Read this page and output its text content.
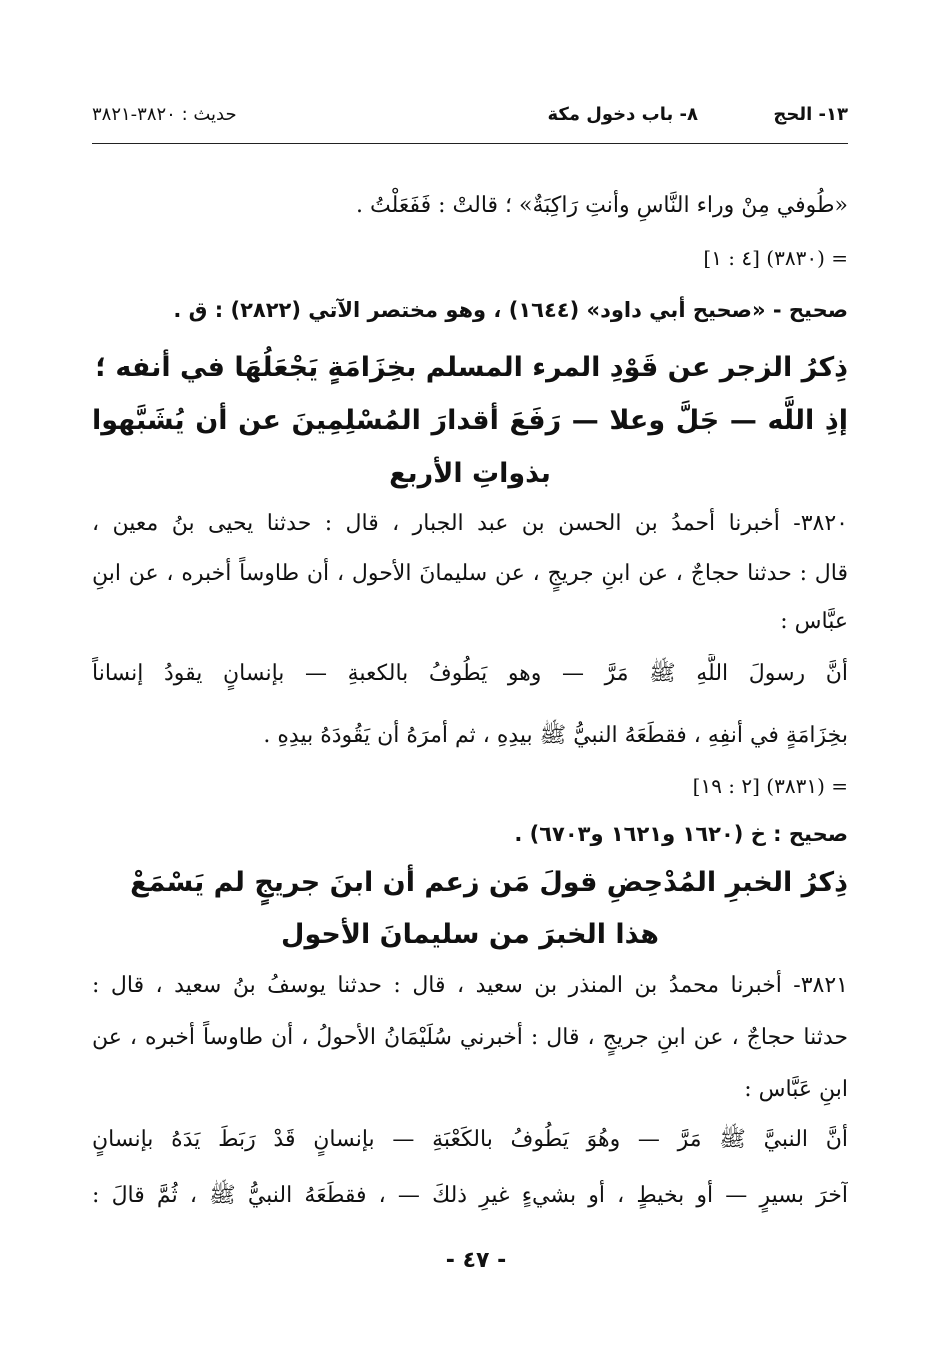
١٣- الحج
٨- باب دخول مكة
حديث : ٣٨٢٠-٣٨٢١
«طُوفي مِنْ وراء النَّاسِ وأنتِ رَاكِبَةٌ» ؛ قالتْ : فَفَعَلْتُ .
= (٣٨٣٠) [٤ : ١]
صحيح - «صحيح أبي داود» (١٦٤٤) ، وهو مختصر الآتي (٢٨٢٢) : ق .
ذِكرُ الزجر عن قَوْدِ المرء المسلم بخِزَامَةٍ يَجْعَلُهَا في أنفه ؛
إذِ اللَّه — جَلَّ وعلا — رَفَعَ أقدارَ المُسْلِمِينَ عن أن يُشَبَّهوا
بذواتِ الأربع
٣٨٢٠- أخبرنا أحمدُ بن الحسن بن عبد الجبار ، قال : حدثنا يحيى بنُ معين ،
قال : حدثنا حجاجٌ ، عن ابنِ جريجٍ ، عن سليمانَ الأحول ، أن طاوساً أخبره ، عن ابنِ
عبَّاس :
أنَّ رسولَ اللَّهِ ﷺ مَرَّ — وهو يَطُوفُ بالكعبةِ — بإنسانٍ يقودُ إنساناً
بخِزَامَةٍ في أنفِهِ ، فقطَعَهُ النبيُّ ﷺ بيدِهِ ، ثم أمرَهُ أن يَقُودَهُ بيدِهِ .
= (٣٨٣١) [٢ : ١٩]
صحيح : خ (١٦٢٠ و١٦٢١ و٦٧٠٣) .
ذِكرُ الخبرِ المُدْحِضِ قولَ مَن زعم أن ابنَ جريجٍ لم يَسْمَعْ
هذا الخبرَ من سليمانَ الأحول
٣٨٢١- أخبرنا محمدُ بن المنذر بن سعيد ، قال : حدثنا يوسفُ بنُ سعيد ، قال :
حدثنا حجاجٌ ، عن ابنِ جريجٍ ، قال : أخبرني سُلَيْمَانُ الأحولُ ، أن طاوساً أخبره ، عن
ابنِ عَبَّاس :
أنَّ النبيَّ ﷺ مَرَّ — وهُوَ يَطُوفُ بالكَعْبَةِ — بإنسانٍ قَدْ رَبَطَ يَدَهُ بإنسانٍ
آخرَ بسيرٍ — أو بخيطٍ ، أو بشيءٍ غيرِ ذلكَ — ، فقطَعَهُ النبيُّ ﷺ ، ثُمَّ قالَ :
- ٤٧ -
